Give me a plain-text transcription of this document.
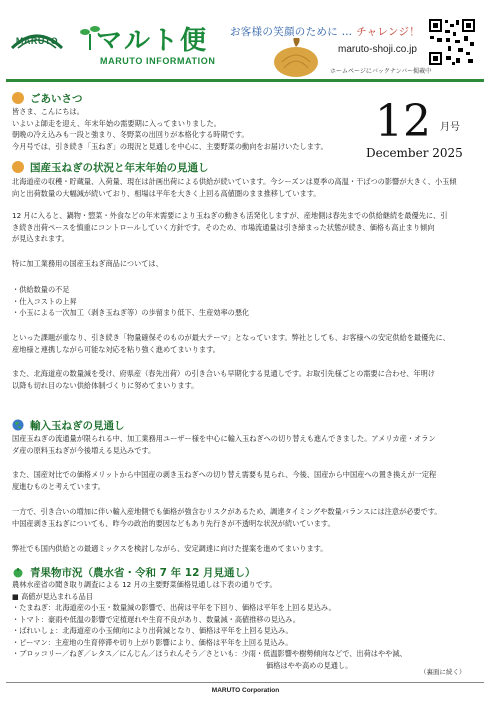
MARUTO	マルト便
MARUTO INFORMATION
お客様の笑顔のために … チャレンジ！
maruto-shoji.co.jp
ホームページにバックナンバー掲載中
12 月号
December 2025
ごあいさつ
皆さま、こんにちは。
いよいよ師走を迎え、年末年始の需要期に入ってまいりました。
朝晩の冷え込みも一段と強まり、冬野菜の出回りが本格化する時期です。
今月号では、引き続き「玉ねぎ」の現況と見通しを中心に、主要野菜の動向をお届けいたします。
国産玉ねぎの状況と年末年始の見通し
北海道産の収穫・貯蔵量、入荷量、現在は計画出荷による供給が続いています。今シーズンは夏季の高温・干ばつの影響が大きく、小玉傾
向と出荷数量の大幅減が続いており、相場は平年を大きく上回る高値圏のまま推移しています。
12 月に入ると、鍋物・惣菜・外食などの年末需要により玉ねぎの動きも活発化しますが、産地側は春先までの供給継続を最優先に、引
き続き出荷ペースを慎重にコントロールしていく方針です。そのため、市場流通量は引き締まった状態が続き、価格も高止まり傾向
が見込まれます。
特に加工業務用の国産玉ねぎ商品については、
・供給数量の不足
・仕入コストの上昇
・小玉による一次加工（剥き玉ねぎ等）の歩留まり低下、生産効率の悪化
といった課題が重なり、引き続き「物量確保そのものが最大テーマ」となっています。弊社としても、お客様への安定供給を最優先に、
産地様と連携しながら可能な対応を粘り強く進めてまいります。
また、北海道産の数量減を受け、府県産（春先出荷）の引き合いも早期化する見通しです。お取引先様ごとの需要に合わせ、年明け
以降も切れ目のない供給体制づくりに努めてまいります。
輸入玉ねぎの見通し
国産玉ねぎの流通量が限られる中、加工業務用ユーザー様を中心に輸入玉ねぎへの切り替えも進んできました。アメリカ産・オラン
ダ産の原料玉ねぎが今後増える見込みです。
また、国産対比での価格メリットから中国産の剥き玉ねぎへの切り替え需要も見られ、今後、国産から中国産への置き換えが一定程
度進むものと考えています。
一方で、引き合いの増加に伴い輸入産地側でも価格が強含むリスクがあるため、調達タイミングや数量バランスには注意が必要です。
中国産剥き玉ねぎについても、昨今の政治的要因などもあり先行きが不透明な状況が続いています。
弊社でも国内供給との最適ミックスを検討しながら、安定調達に向けた提案を進めてまいります。
青果物市況（農水省・令和 7 年 12 月見通し）
農林水産省の聞き取り調査による 12 月の主要野菜価格見通しは下表の通りです。
■ 高値が見込まれる品目
・たまねぎ：北海道産の小玉・数量減の影響で、出荷は平年を下回り、価格は平年を上回る見込み。
・トマト：豪雨や低温の影響で定植遅れや生育不良があり、数量減・高値推移の見込み。
・ばれいしょ：北海道産の小玉傾向により出荷減となり、価格は平年を上回る見込み。
・ピーマン：主産地の生育停滞や切り上がり影響により、価格は平年を上回る見込み。
・ブロッコリー／ねぎ／レタス／にんじん／ほうれんそう／さといも：少雨・低温影響や樹勢傾向などで、出荷はやや減、
価格はやや高めの見通し。
（裏面に続く）
MARUTO Corporation
